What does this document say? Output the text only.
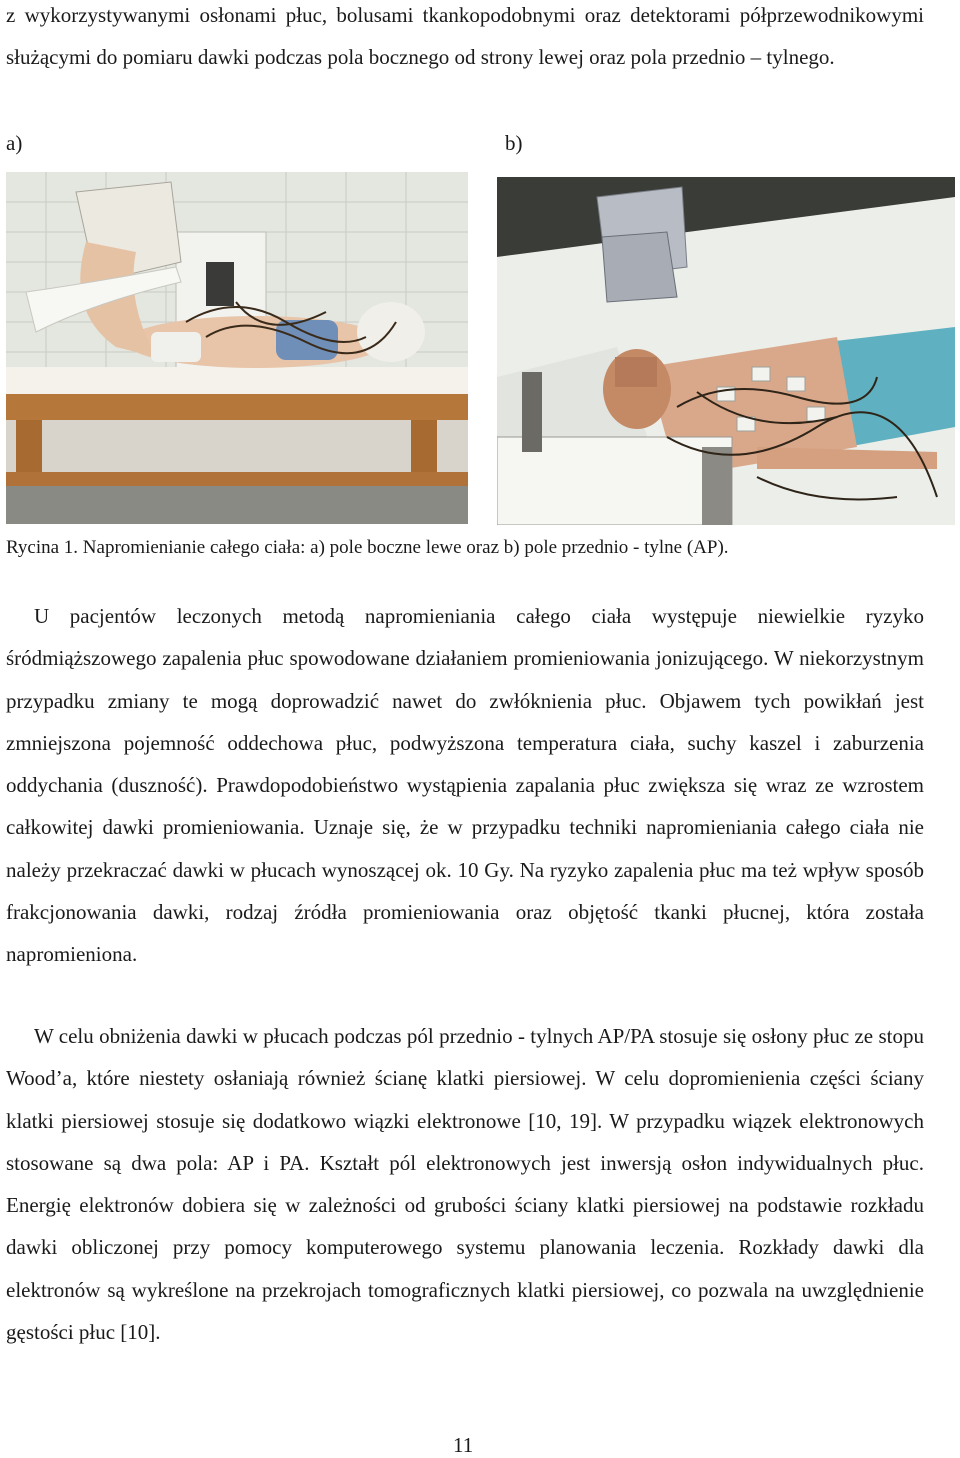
z wykorzystywanymi osłonami płuc, bolusami tkankopodobnymi oraz detektorami półprzewodnikowymi służącymi do pomiaru dawki podczas pola bocznego od strony lewej oraz pola przednio – tylnego.
a)	b)
Rycina 1. Napromienianie całego ciała: a) pole boczne lewe oraz b) pole przednio - tylne (AP).
U pacjentów leczonych metodą napromieniania całego ciała występuje niewielkie ryzyko śródmiąższowego zapalenia płuc spowodowane działaniem promieniowania jonizującego. W niekorzystnym przypadku zmiany te mogą doprowadzić nawet do zwłóknienia płuc. Objawem tych powikłań jest zmniejszona pojemność oddechowa płuc, podwyższona temperatura ciała, suchy kaszel i zaburzenia oddychania (duszność). Prawdopodobieństwo wystąpienia zapalania płuc zwiększa się wraz ze wzrostem całkowitej dawki promieniowania. Uznaje się, że w przypadku techniki napromieniania całego ciała nie należy przekraczać dawki w płucach wynoszącej ok. 10 Gy. Na ryzyko zapalenia płuc ma też wpływ sposób frakcjonowania dawki, rodzaj źródła promieniowania oraz objętość tkanki płucnej, która została napromieniona.
W celu obniżenia dawki w płucach podczas pól przednio - tylnych AP/PA stosuje się osłony płuc ze stopu Wood’a, które niestety osłaniają również ścianę klatki piersiowej. W celu dopromienienia części ściany klatki piersiowej stosuje się dodatkowo wiązki elektronowe [10, 19]. W przypadku wiązek elektronowych stosowane są dwa pola: AP i PA. Kształt pól elektronowych jest inwersją osłon indywidualnych płuc. Energię elektronów dobiera się w zależności od grubości ściany klatki piersiowej na podstawie rozkładu dawki obliczonej przy pomocy komputerowego systemu planowania leczenia. Rozkłady dawki dla elektronów są wykreślone na przekrojach tomograficznych klatki piersiowej, co pozwala na uwzględnienie gęstości płuc [10].
11
